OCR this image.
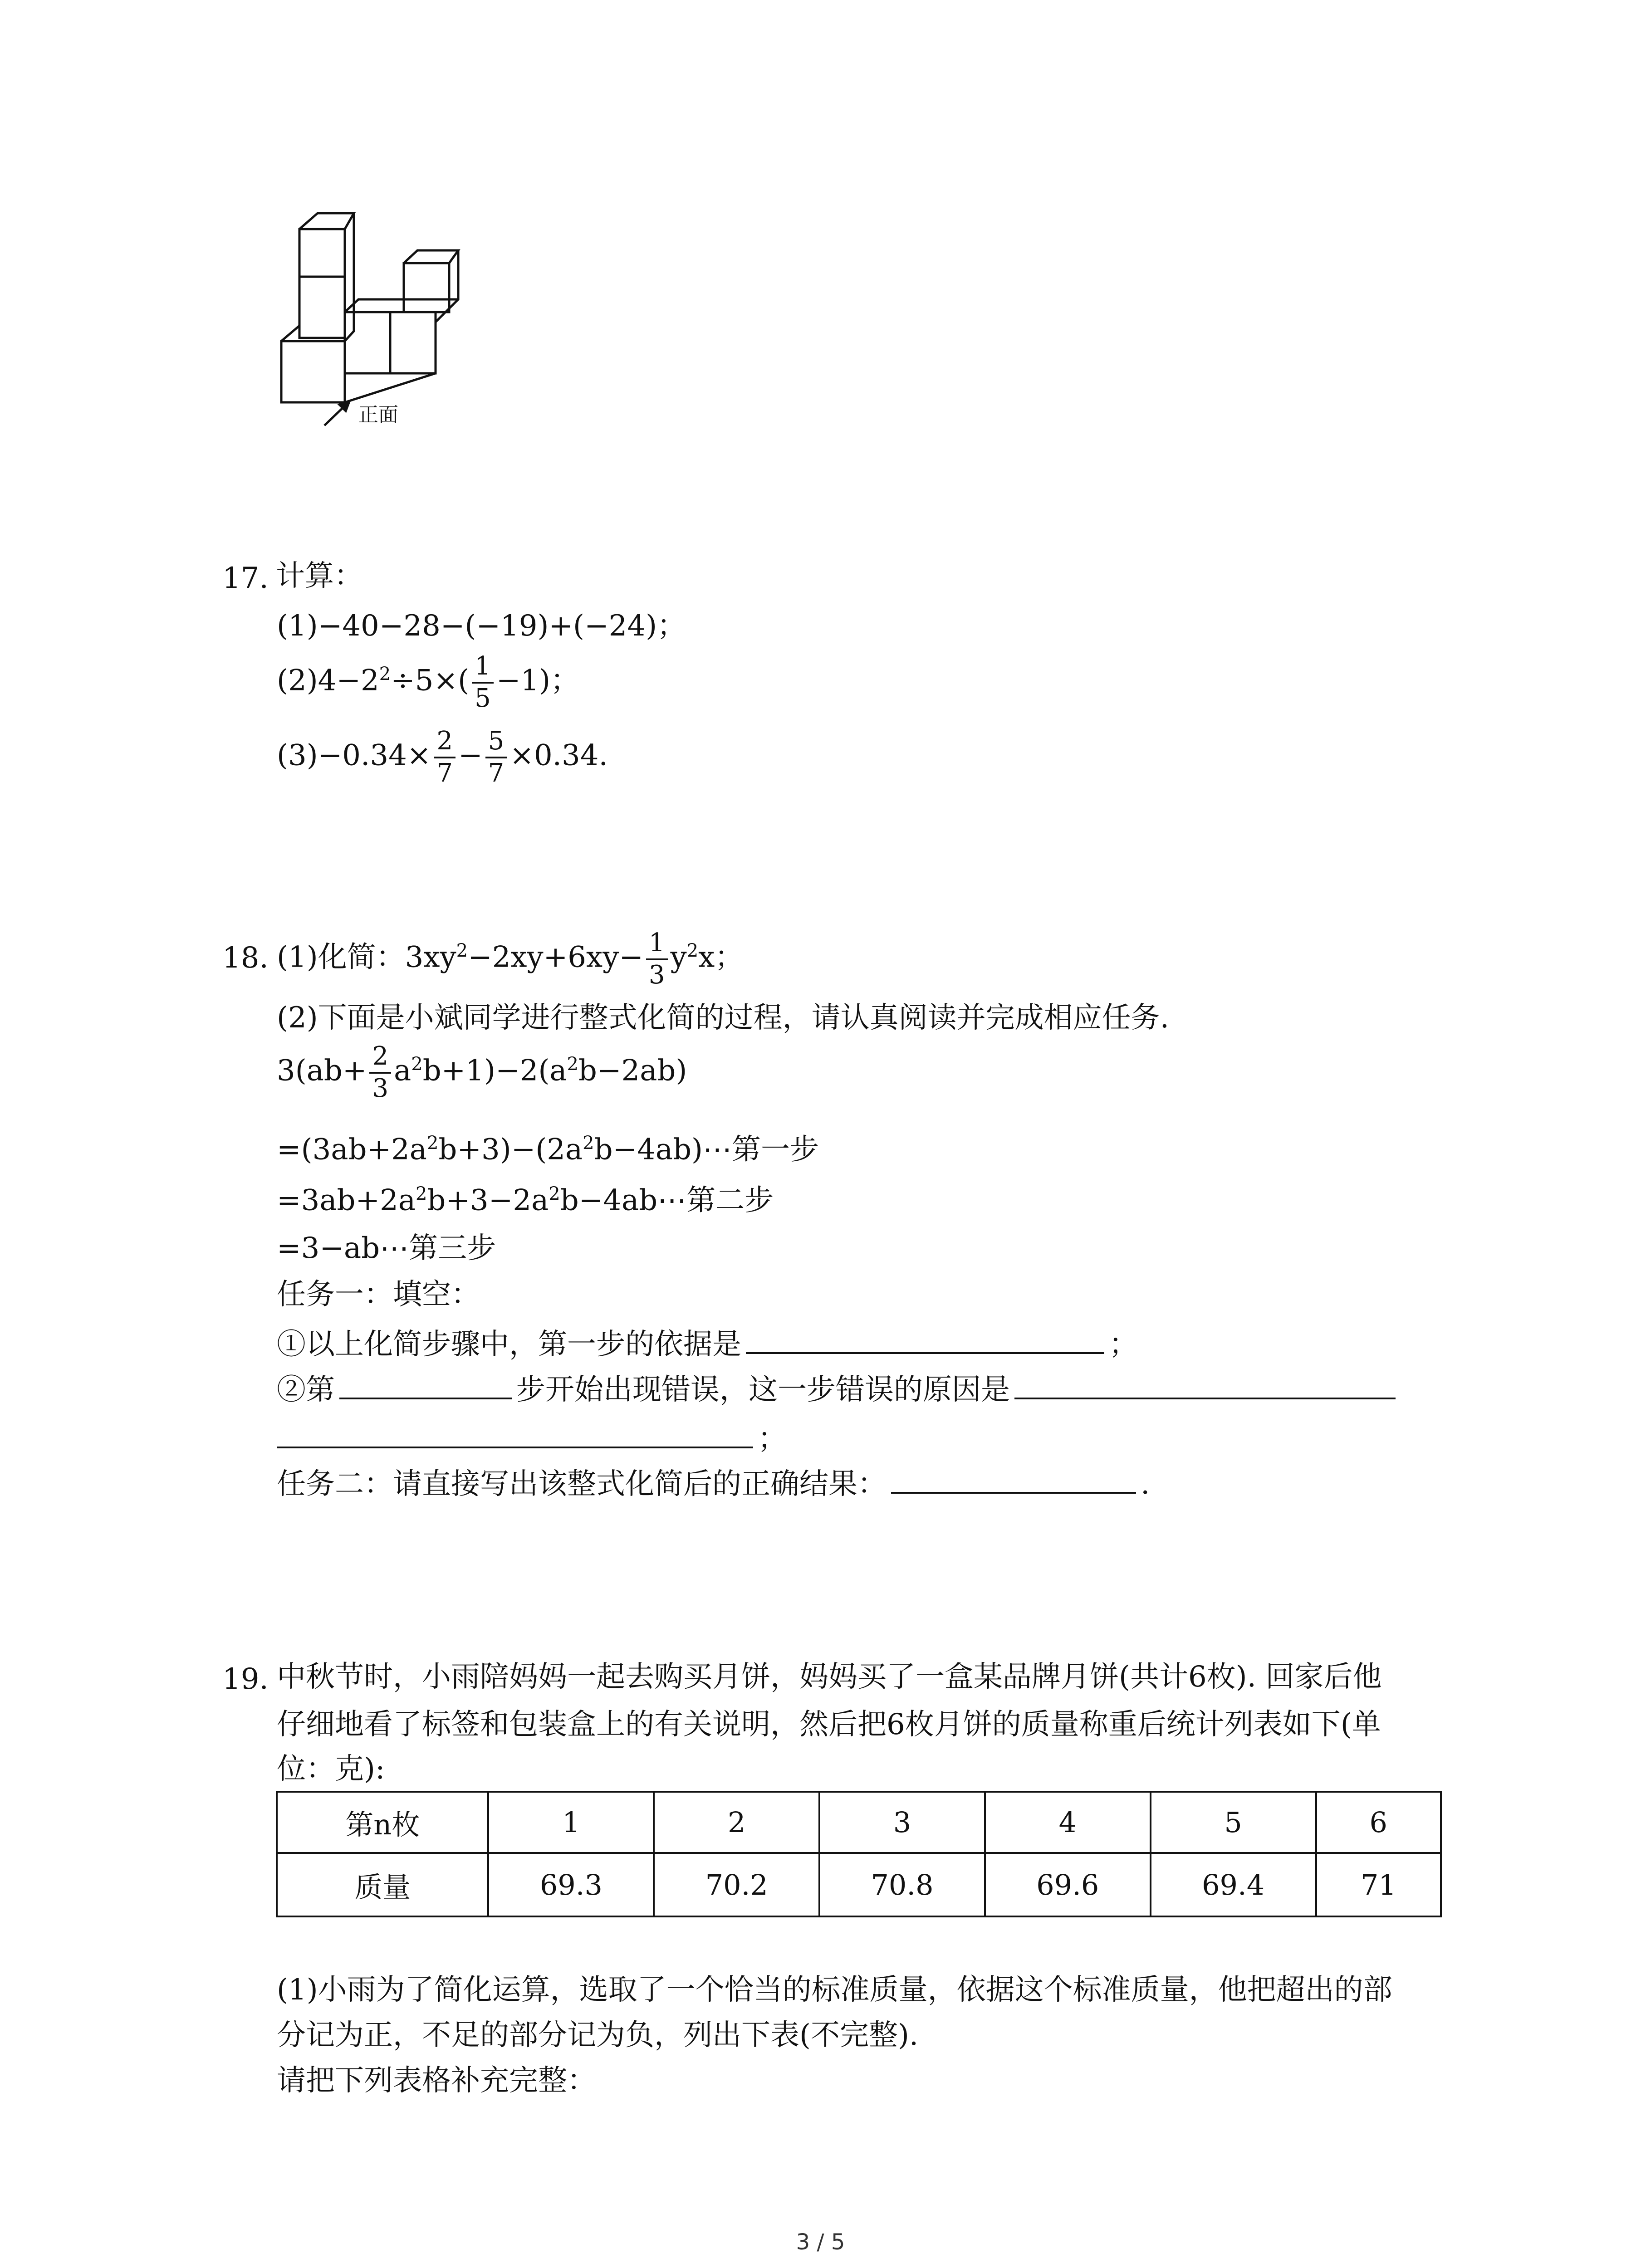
正面
17. 计算：
(1)−40−28−(−19)+(−24)；
$(2)4-2^2\div 5\times( \frac{1}{5} -1)$；
$(3)-0.34\times \frac{2}{7} - \frac{5}{7} \times 0.34$.
18. (1)化简：$3xy^2-2xy+6xy- \frac{1}{3} y^2x$；
(2)下面是小斌同学进行整式化简的过程，请认真阅读并完成相应任务.
$3(ab+ \frac{2}{3} a^2b+1)-2(a^2b-2ab)$
$=(3ab+2a^2b+3)-(2a^2b-4ab)\cdots$第一步
$=3ab+2a^2b+3-2a^2b-4ab\cdots$第二步
=3−ab⋯第三步
任务一：填空：
①以上化简步骤中，第一步的依据是	；
②第	步开始出现错误，这一步错误的原因是
；
任务二：请直接写出该整式化简后的正确结果：	.
19. 中秋节时，小雨陪妈妈一起去购买月饼，妈妈买了一盒某品牌月饼(共计6枚). 回家后他
仔细地看了标签和包装盒上的有关说明，然后把6枚月饼的质量称重后统计列表如下(单
位：克):
第n枚	1	2	3	4	5	6
质量	69.3	70.2	70.8	69.6	69.4	71
(1)小雨为了简化运算，选取了一个恰当的标准质量，依据这个标准质量，他把超出的部
分记为正，不足的部分记为负，列出下表(不完整).
请把下列表格补充完整：
3 / 5
